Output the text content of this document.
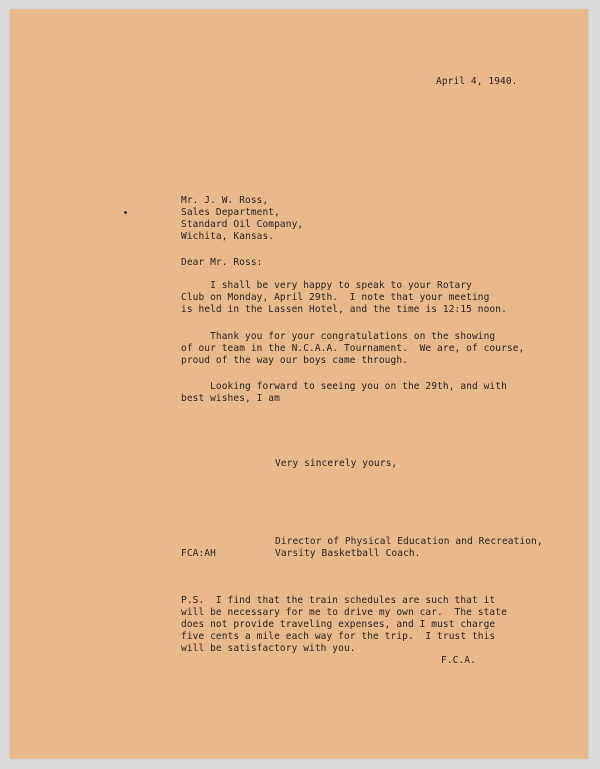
April 4, 1940.
Mr. J. W. Ross,
Sales Department,
Standard Oil Company,
Wichita, Kansas.
Dear Mr. Ross:
I shall be very happy to speak to your Rotary
Club on Monday, April 29th.  I note that your meeting
is held in the Lassen Hotel, and the time is 12:15 noon.
Thank you for your congratulations on the showing
of our team in the N.C.A.A. Tournament.  We are, of course,
proud of the way our boys came through.
Looking forward to seeing you on the 29th, and with
best wishes, I am
Very sincerely yours,
Director of Physical Education and Recreation,
Varsity Basketball Coach.
FCA:AH
P.S.  I find that the train schedules are such that it
will be necessary for me to drive my own car.  The state
does not provide traveling expenses, and I must charge
five cents a mile each way for the trip.  I trust this
will be satisfactory with you.
F.C.A.
